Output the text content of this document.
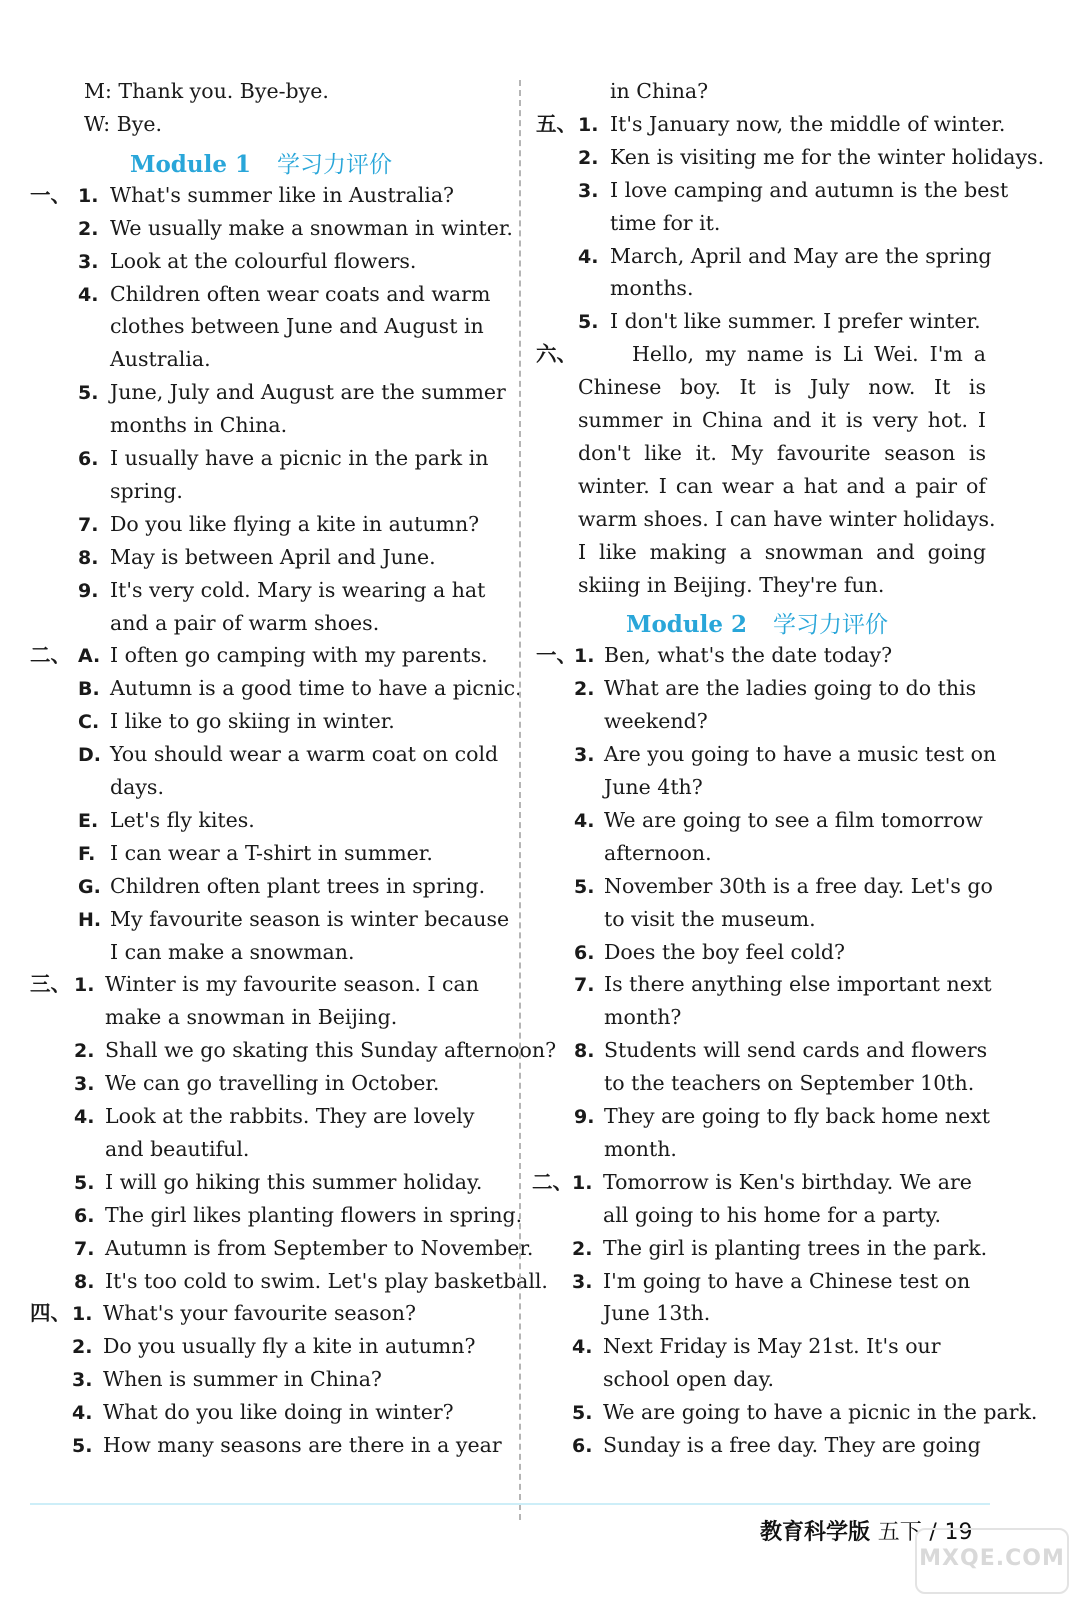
M: Thank you. Bye-bye.
W: Bye.
Module 1 学习力评价
一、 1. What's summer like in Australia?
2. We usually make a snowman in winter.
3. Look at the colourful flowers.
4. Children often wear coats and warm
clothes between June and August in
Australia.
5. June, July and August are the summer
months in China.
6. I usually have a picnic in the park in
spring.
7. Do you like flying a kite in autumn?
8. May is between April and June.
9. It's very cold. Mary is wearing a hat
and a pair of warm shoes.
二、 A. I often go camping with my parents.
B. Autumn is a good time to have a picnic.
C. I like to go skiing in winter.
D. You should wear a warm coat on cold
days.
E. Let's fly kites.
F. I can wear a T-shirt in summer.
G. Children often plant trees in spring.
H. My favourite season is winter because
I can make a snowman.
三、 1. Winter is my favourite season. I can
make a snowman in Beijing.
2. Shall we go skating this Sunday afternoon?
3. We can go travelling in October.
4. Look at the rabbits. They are lovely
and beautiful.
5. I will go hiking this summer holiday.
6. The girl likes planting flowers in spring.
7. Autumn is from September to November.
8. It's too cold to swim. Let's play basketball.
四、 1. What's your favourite season?
2. Do you usually fly a kite in autumn?
3. When is summer in China?
4. What do you like doing in winter?
5. How many seasons are there in a year
in China?
五、 1. It's January now, the middle of winter.
2. Ken is visiting me for the winter holidays.
3. I love camping and autumn is the best
time for it.
4. March, April and May are the spring
months.
5. I don't like summer. I prefer winter.
六、	Hello, my name is Li Wei. I'm a
Chinese boy. It is July now. It is
summer in China and it is very hot. I
don't like it. My favourite season is
winter. I can wear a hat and a pair of
warm shoes. I can have winter holidays.
I like making a snowman and going
skiing in Beijing. They're fun.
Module 2 学习力评价
一、
1. Ben, what's the date today?
2. What are the ladies going to do this
weekend?
3. Are you going to have a music test on
June 4th?
4. We are going to see a film tomorrow
afternoon.
5. November 30th is a free day. Let's go
to visit the museum.
6. Does the boy feel cold?
7. Is there anything else important next
month?
8. Students will send cards and flowers
to the teachers on September 10th.
9. They are going to fly back home next
month.
二、 1. Tomorrow is Ken's birthday. We are
all going to his home for a party.
2. The girl is planting trees in the park.
3. I'm going to have a Chinese test on
June 13th.
4. Next Friday is May 21st. It's our
school open day.
5. We are going to have a picnic in the park.
6. Sunday is a free day. They are going
教育科学版 五下 / 19
MXQE.COM
